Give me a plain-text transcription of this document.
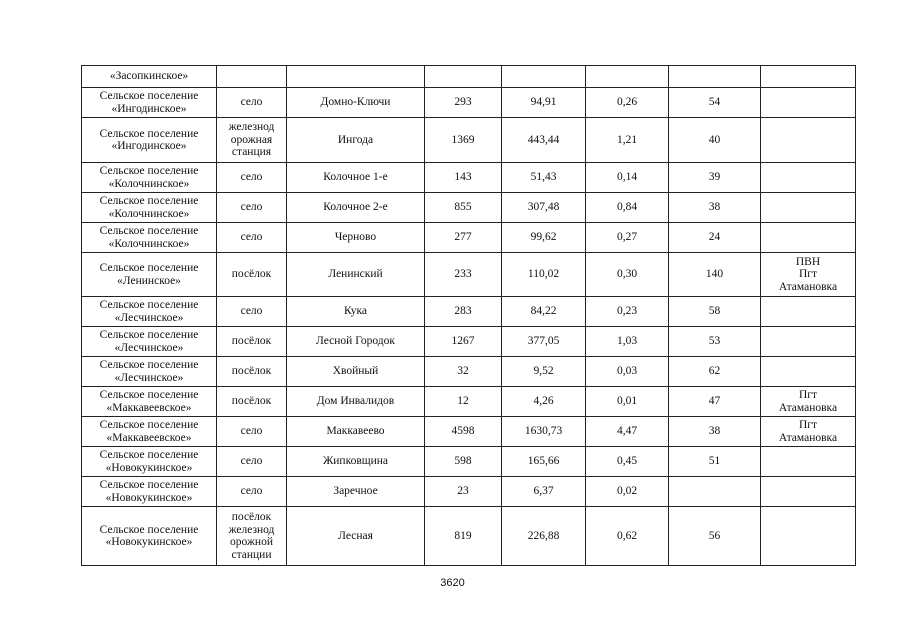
«Засопкинское»							
Сельское поселение
«Ингодинское»	село	Домно-Ключи	293	94,91	0,26	54	
Сельское поселение
«Ингодинское»	железнод
орожная
станция	Ингода	1369	443,44	1,21	40	
Сельское поселение
«Колочнинское»	село	Колочное 1-е	143	51,43	0,14	39	
Сельское поселение
«Колочнинское»	село	Колочное 2-е	855	307,48	0,84	38	
Сельское поселение
«Колочнинское»	село	Черново	277	99,62	0,27	24	
Сельское поселение
«Ленинское»	посёлок	Ленинский	233	110,02	0,30	140	ПВН
Пгт
Атамановка
Сельское поселение
«Лесчинское»	село	Кука	283	84,22	0,23	58	
Сельское поселение
«Лесчинское»	посёлок	Лесной Городок	1267	377,05	1,03	53	
Сельское поселение
«Лесчинское»	посёлок	Хвойный	32	9,52	0,03	62	
Сельское поселение
«Маккавеевское»	посёлок	Дом Инвалидов	12	4,26	0,01	47	Пгт
Атамановка
Сельское поселение
«Маккавеевское»	село	Маккавеево	4598	1630,73	4,47	38	Пгт
Атамановка
Сельское поселение
«Новокукинское»	село	Жипковщина	598	165,66	0,45	51	
Сельское поселение
«Новокукинское»	село	Заречное	23	6,37	0,02		
Сельское поселение
«Новокукинское»	посёлок
железнод
орожной
станции	Лесная	819	226,88	0,62	56	
3620
